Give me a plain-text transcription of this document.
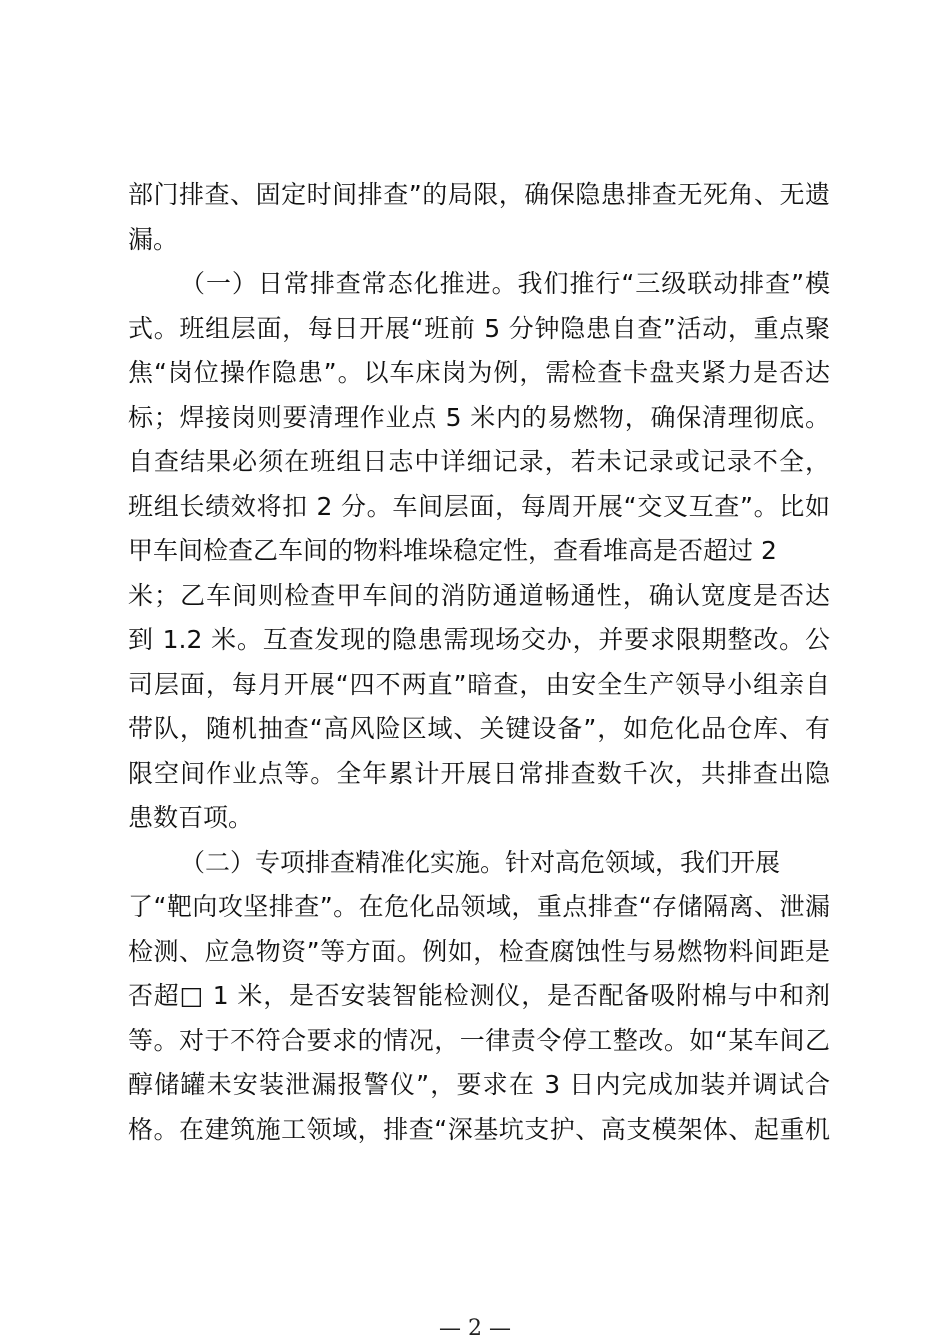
部门排查、固定时间排查”的局限，确保隐患排查无死角、无遗
漏。
（一）日常排查常态化推进。我们推行“三级联动排查”模
式。班组层面，每日开展“班前 5 分钟隐患自查”活动，重点聚
焦“岗位操作隐患”。以车床岗为例，需检查卡盘夹紧力是否达
标；焊接岗则要清理作业点 5 米内的易燃物，确保清理彻底。
自查结果必须在班组日志中详细记录，若未记录或记录不全，
班组长绩效将扣 2 分。车间层面，每周开展“交叉互查”。比如
甲车间检查乙车间的物料堆垛稳定性，查看堆高是否超过 2
米；乙车间则检查甲车间的消防通道畅通性，确认宽度是否达
到 1.2 米。互查发现的隐患需现场交办，并要求限期整改。公
司层面，每月开展“四不两直”暗查，由安全生产领导小组亲自
带队，随机抽查“高风险区域、关键设备”，如危化品仓库、有
限空间作业点等。全年累计开展日常排查数千次，共排查出隐
患数百项。
（二）专项排查精准化实施。针对高危领域，我们开展
了“靶向攻坚排查”。在危化品领域，重点排查“存储隔离、泄漏
检测、应急物资”等方面。例如，检查腐蚀性与易燃物料间距是
否超□ 1 米，是否安装智能检测仪，是否配备吸附棉与中和剂
等。对于不符合要求的情况，一律责令停工整改。如“某车间乙
醇储罐未安装泄漏报警仪”，要求在 3 日内完成加装并调试合
格。在建筑施工领域，排查“深基坑支护、高支模架体、起重机
— 2 —
